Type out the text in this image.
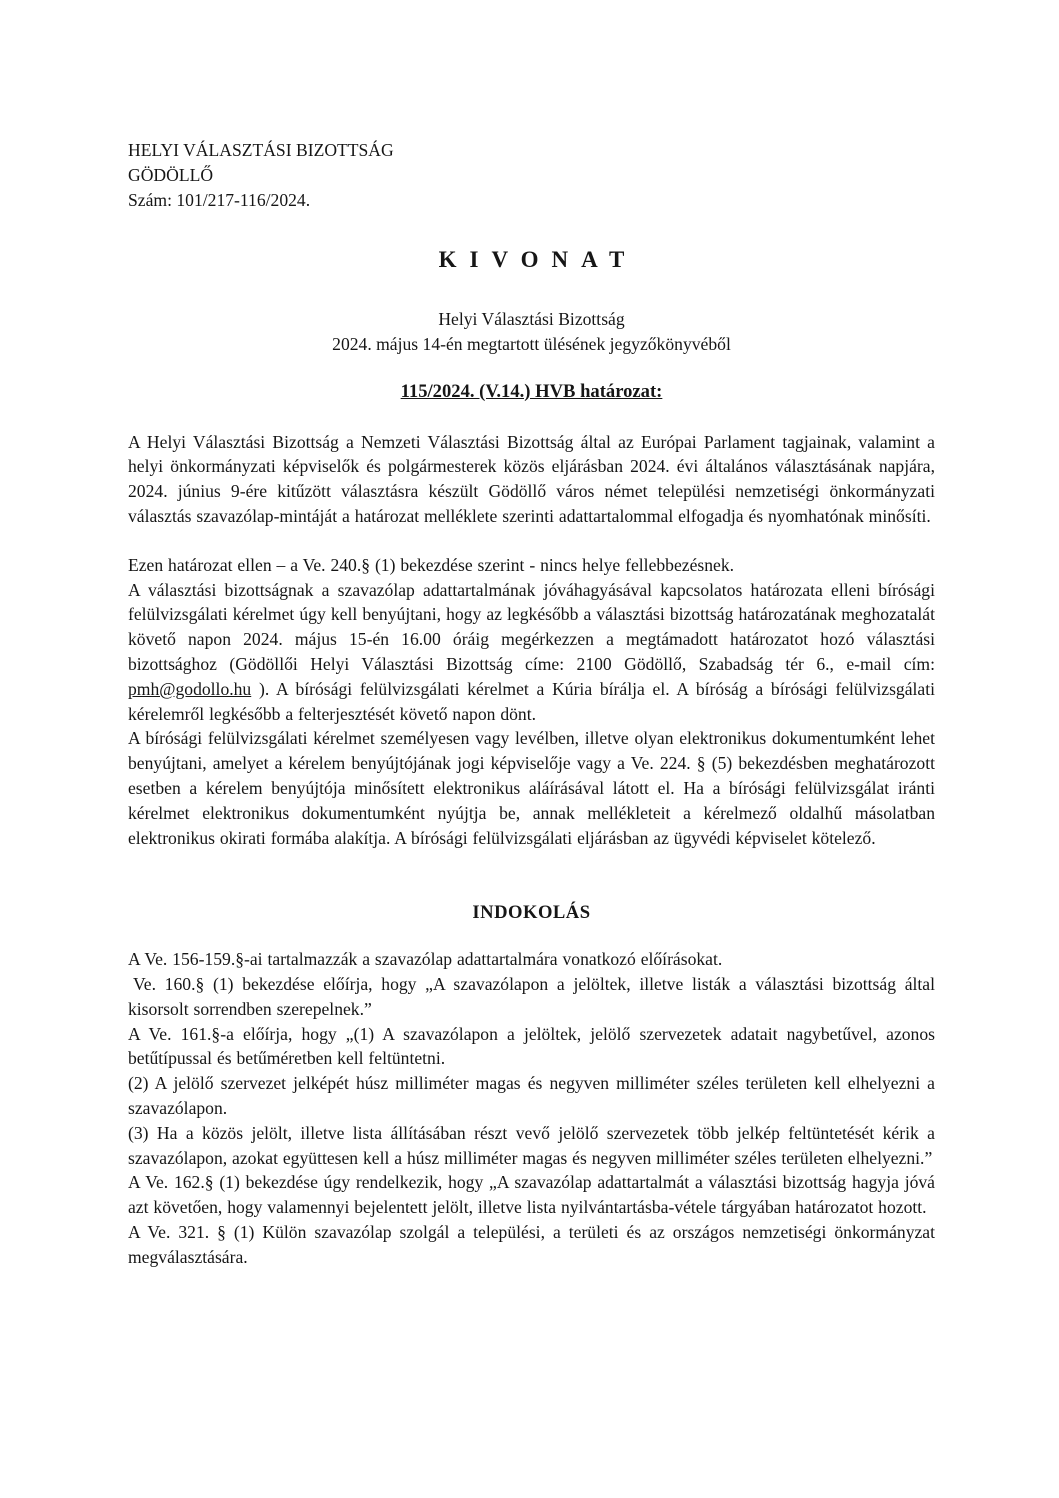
HELYI VÁLASZTÁSI BIZOTTSÁG

GÖDÖLLŐ

Szám: 101/217-116/2024.

KIVONAT

Helyi Választási Bizottság

2024. május 14-én megtartott ülésének jegyzőkönyvéből

115/2024. (V.14.) HVB határozat:

A Helyi Választási Bizottság a Nemzeti Választási Bizottság által az Európai Parlament tagjainak, valamint a helyi önkormányzati képviselők és polgármesterek közös eljárásban 2024. évi általános választásának napjára, 2024. június 9-ére kitűzött választásra készült Gödöllő város német települési nemzetiségi önkormányzati választás szavazólap-mintáját a határozat melléklete szerinti adattartalommal elfogadja és nyomhatónak minősíti.

Ezen határozat ellen – a Ve. 240.§ (1) bekezdése szerint - nincs helye fellebbezésnek.

A választási bizottságnak a szavazólap adattartalmának jóváhagyásával kapcsolatos határozata elleni bírósági felülvizsgálati kérelmet úgy kell benyújtani, hogy az legkésőbb a választási bizottság határozatának meghozatalát követő napon 2024. május 15-én 16.00 óráig megérkezzen a megtámadott határozatot hozó választási bizottsághoz (Gödöllői Helyi Választási Bizottság címe: 2100 Gödöllő, Szabadság tér 6., e-mail cím: pmh@godollo.hu ). A bírósági felülvizsgálati kérelmet a Kúria bírálja el. A bíróság a bírósági felülvizsgálati kérelemről legkésőbb a felterjesztését követő napon dönt.

A bírósági felülvizsgálati kérelmet személyesen vagy levélben, illetve olyan elektronikus dokumentumként lehet benyújtani, amelyet a kérelem benyújtójának jogi képviselője vagy a Ve. 224. § (5) bekezdésben meghatározott esetben a kérelem benyújtója minősített elektronikus aláírásával látott el. Ha a bírósági felülvizsgálat iránti kérelmet elektronikus dokumentumként nyújtja be, annak mellékleteit a kérelmező oldalhű másolatban elektronikus okirati formába alakítja. A bírósági felülvizsgálati eljárásban az ügyvédi képviselet kötelező.

INDOKOLÁS

A Ve. 156-159.§-ai tartalmazzák a szavazólap adattartalmára vonatkozó előírásokat.

Ve. 160.§ (1) bekezdése előírja, hogy „A szavazólapon a jelöltek, illetve listák a választási bizottság által kisorsolt sorrendben szerepelnek.”

A Ve. 161.§-a előírja, hogy „(1) A szavazólapon a jelöltek, jelölő szervezetek adatait nagybetűvel, azonos betűtípussal és betűméretben kell feltüntetni.

(2) A jelölő szervezet jelképét húsz milliméter magas és negyven milliméter széles területen kell elhelyezni a szavazólapon.

(3) Ha a közös jelölt, illetve lista állításában részt vevő jelölő szervezetek több jelkép feltüntetését kérik a szavazólapon, azokat együttesen kell a húsz milliméter magas és negyven milliméter széles területen elhelyezni.”

A Ve. 162.§ (1) bekezdése úgy rendelkezik, hogy „A szavazólap adattartalmát a választási bizottság hagyja jóvá azt követően, hogy valamennyi bejelentett jelölt, illetve lista nyilvántartásba-vétele tárgyában határozatot hozott.

A Ve. 321. § (1) Külön szavazólap szolgál a települési, a területi és az országos nemzetiségi önkormányzat megválasztására.
